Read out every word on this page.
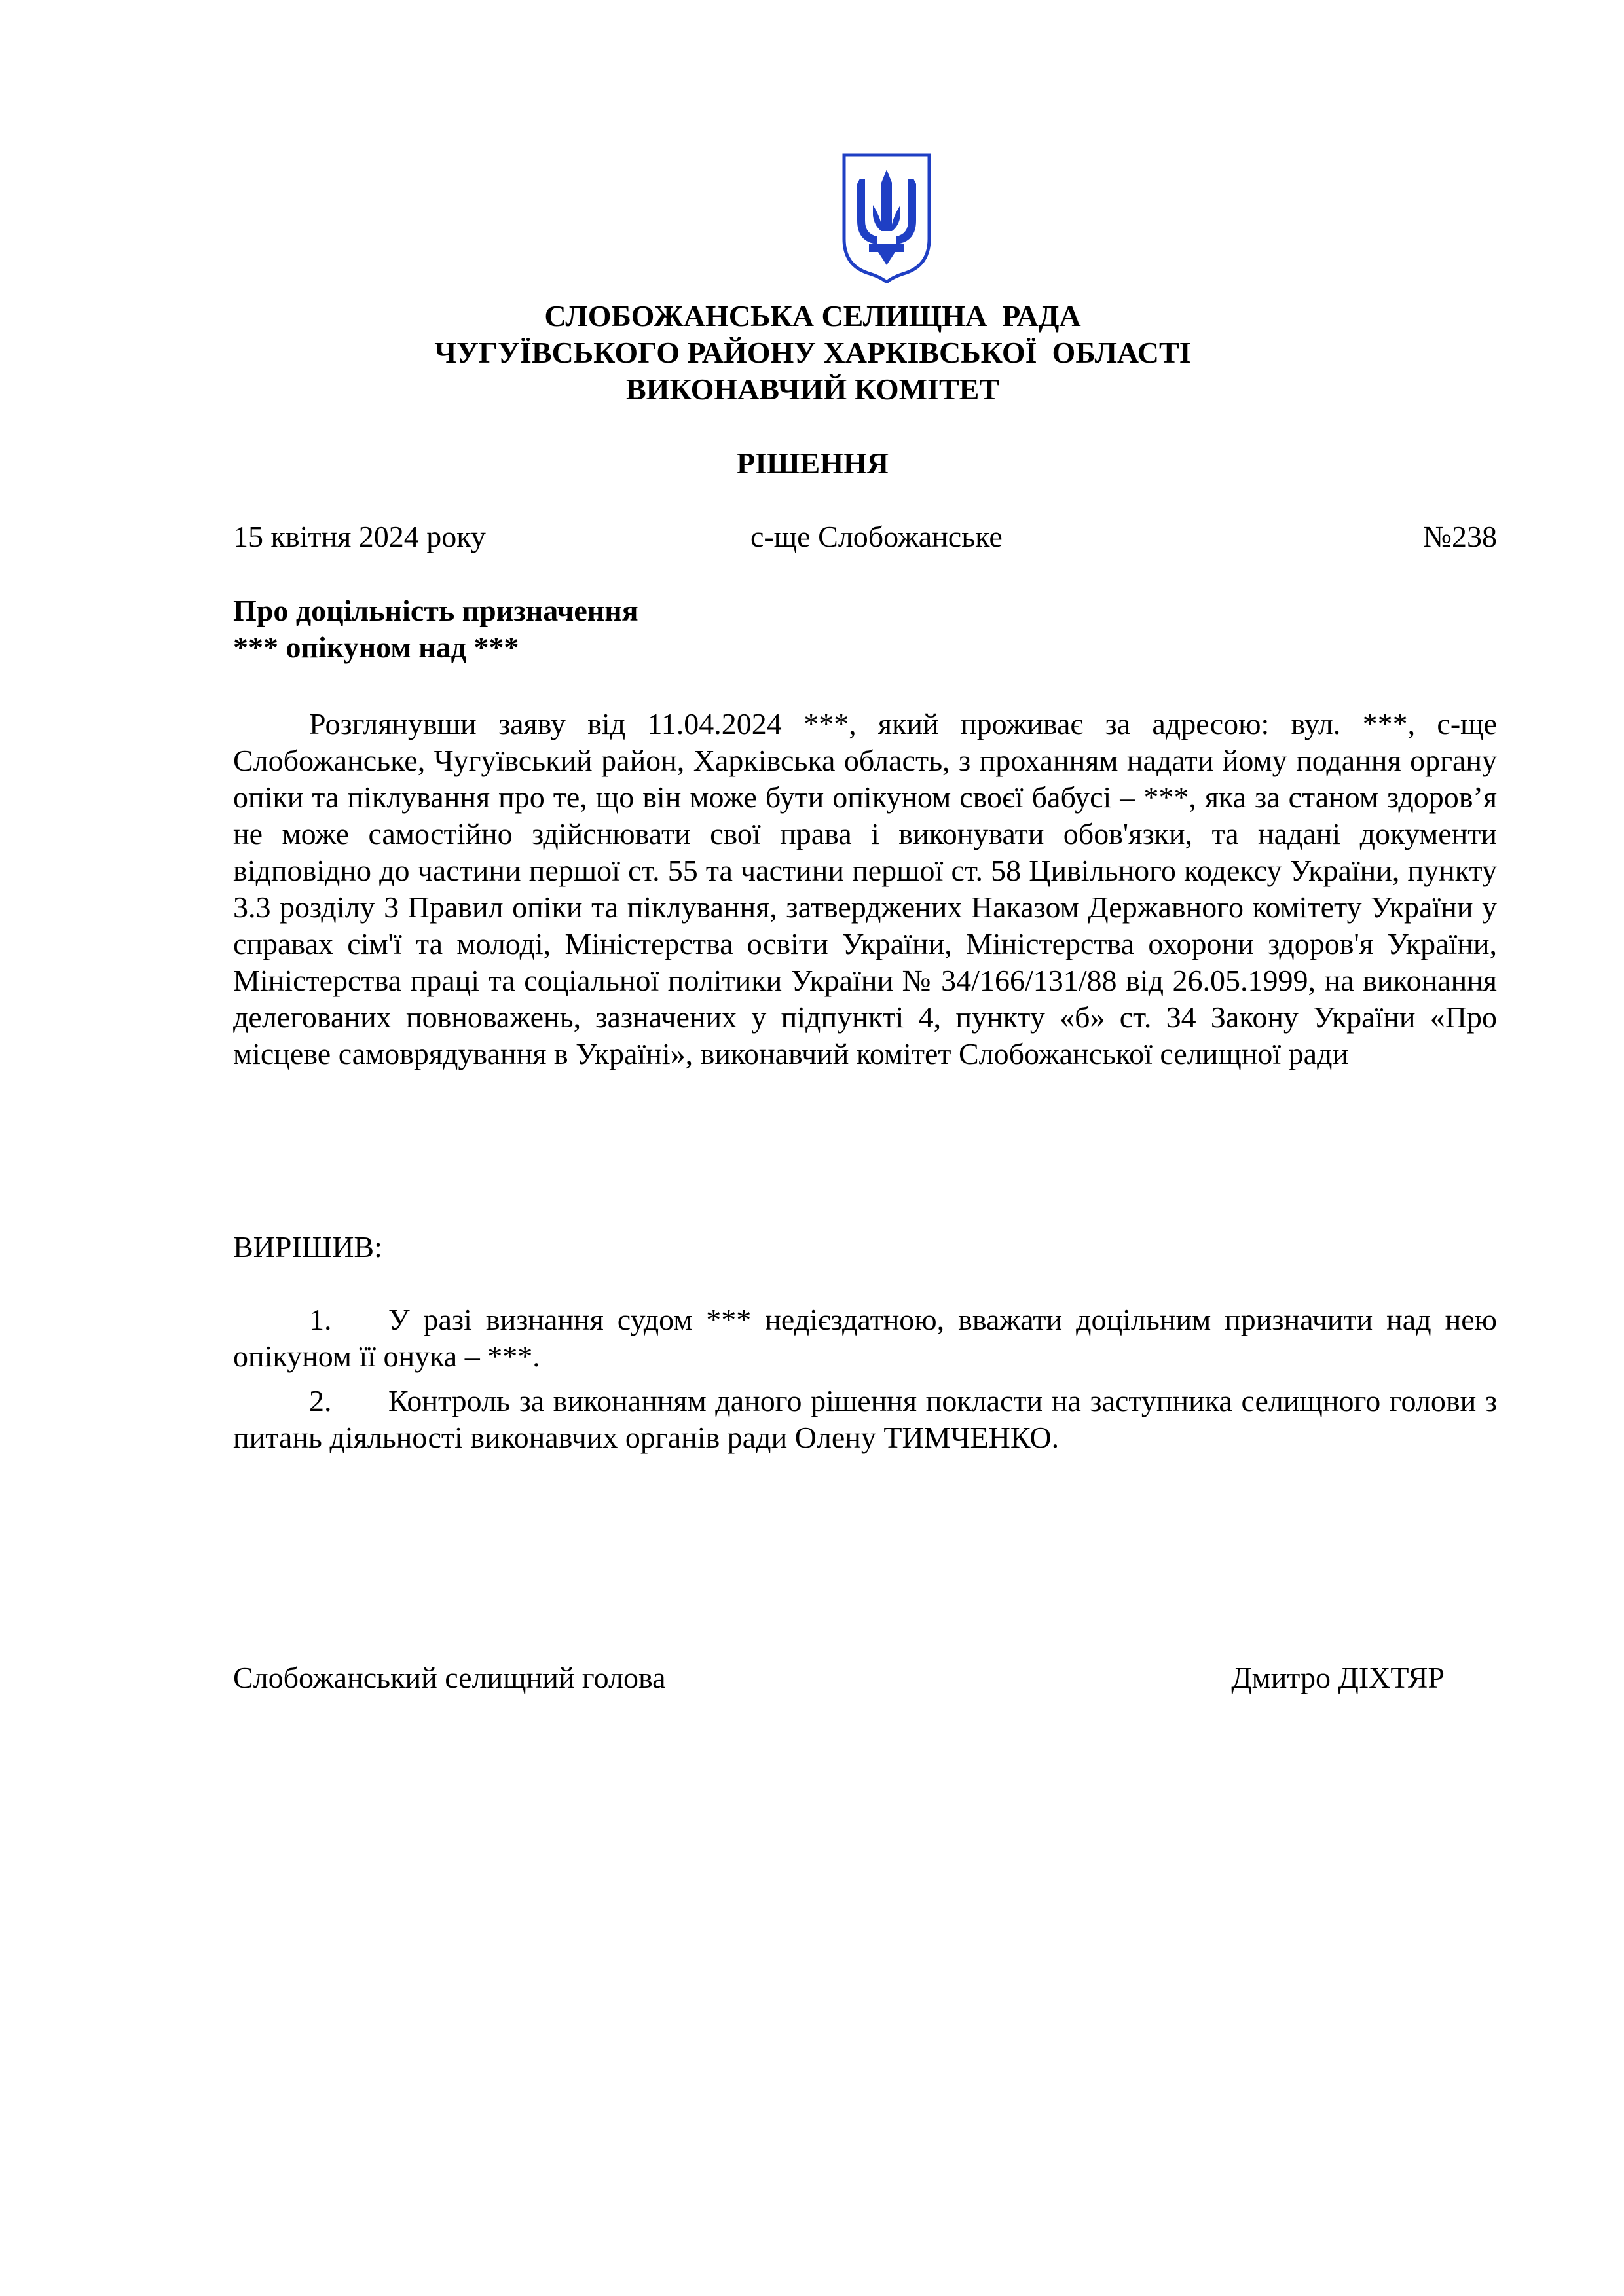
СЛОБОЖАНСЬКА СЕЛИЩНА  РАДА
ЧУГУЇВСЬКОГО РАЙОНУ ХАРКІВСЬКОЇ  ОБЛАСТІ
ВИКОНАВЧИЙ КОМІТЕТ
РІШЕННЯ
15 квітня 2024 року	с-ще Слобожанське	№238
Про доцільність призначення
*** опікуном над ***

Розглянувши заяву від 11.04.2024 ***, який проживає за адресою: вул. ***, с-ще Слобожанське, Чугуївський район, Харківська область, з проханням надати йому подання органу опіки та піклування про те, що він може бути опікуном своєї бабусі – ***, яка за станом здоров’я не може самостійно здійснювати свої права і виконувати обов'язки, та надані документи відповідно до частини першої ст. 55 та частини першої ст. 58 Цивільного кодексу України, пункту 3.3 розділу 3 Правил опіки та піклування, затверджених Наказом Державного комітету України у справах сім'ї та молоді, Міністерства освіти України, Міністерства охорони здоров'я України, Міністерства праці та соціальної політики України № 34/166/131/88 від 26.05.1999, на виконання делегованих повноважень, зазначених у підпункті 4, пункту «б» ст. 34 Закону України «Про місцеве самоврядування в Україні», виконавчий комітет Слобожанської селищної ради

ВИРІШИВ:

1. У разі визнання судом *** недієздатною, вважати доцільним призначити над нею опікуном її онука – ***.

2. Контроль за виконанням даного рішення покласти на заступника селищного голови з питань діяльності виконавчих органів ради Олену ТИМЧЕНКО.

Слобожанський селищний голова	Дмитро ДІХТЯР
